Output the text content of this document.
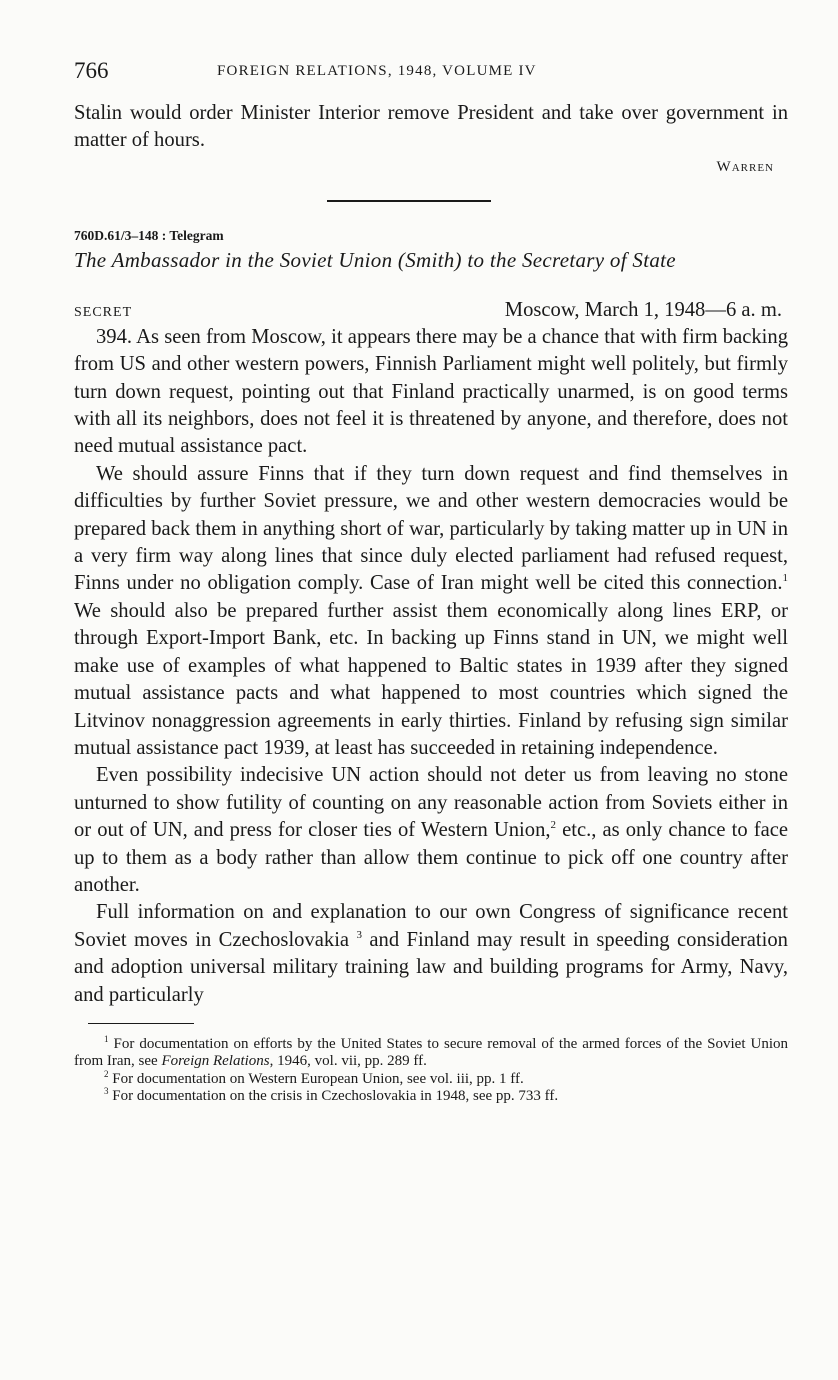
766	FOREIGN RELATIONS, 1948, VOLUME IV

Stalin would order Minister Interior remove President and take over government in matter of hours.

Warren
760D.61/3–148 : Telegram
The Ambassador in the Soviet Union (Smith) to the Secretary of State
SECRET	Moscow, March 1, 1948—6 a. m.

394. As seen from Moscow, it appears there may be a chance that with firm backing from US and other western powers, Finnish Parliament might well politely, but firmly turn down request, pointing out that Finland practically unarmed, is on good terms with all its neighbors, does not feel it is threatened by anyone, and therefore, does not need mutual assistance pact.

We should assure Finns that if they turn down request and find themselves in difficulties by further Soviet pressure, we and other western democracies would be prepared back them in anything short of war, particularly by taking matter up in UN in a very firm way along lines that since duly elected parliament had refused request, Finns under no obligation comply. Case of Iran might well be cited this connection.$^1$ We should also be prepared further assist them economically along lines ERP, or through Export-Import Bank, etc. In backing up Finns stand in UN, we might well make use of examples of what happened to Baltic states in 1939 after they signed mutual assistance pacts and what happened to most countries which signed the Litvinov nonaggression agreements in early thirties. Finland by refusing sign similar mutual assistance pact 1939, at least has succeeded in retaining independence.

Even possibility indecisive UN action should not deter us from leaving no stone unturned to show futility of counting on any reasonable action from Soviets either in or out of UN, and press for closer ties of Western Union,$^2$ etc., as only chance to face up to them as a body rather than allow them continue to pick off one country after another.

Full information on and explanation to our own Congress of significance recent Soviet moves in Czechoslovakia $^3$ and Finland may result in speeding consideration and adoption universal military training law and building programs for Army, Navy, and particularly

$^1$ For documentation on efforts by the United States to secure removal of the armed forces of the Soviet Union from Iran, see Foreign Relations, 1946, vol. vii, pp. 289 ff.

$^2$ For documentation on Western European Union, see vol. iii, pp. 1 ff.

$^3$ For documentation on the crisis in Czechoslovakia in 1948, see pp. 733 ff.
